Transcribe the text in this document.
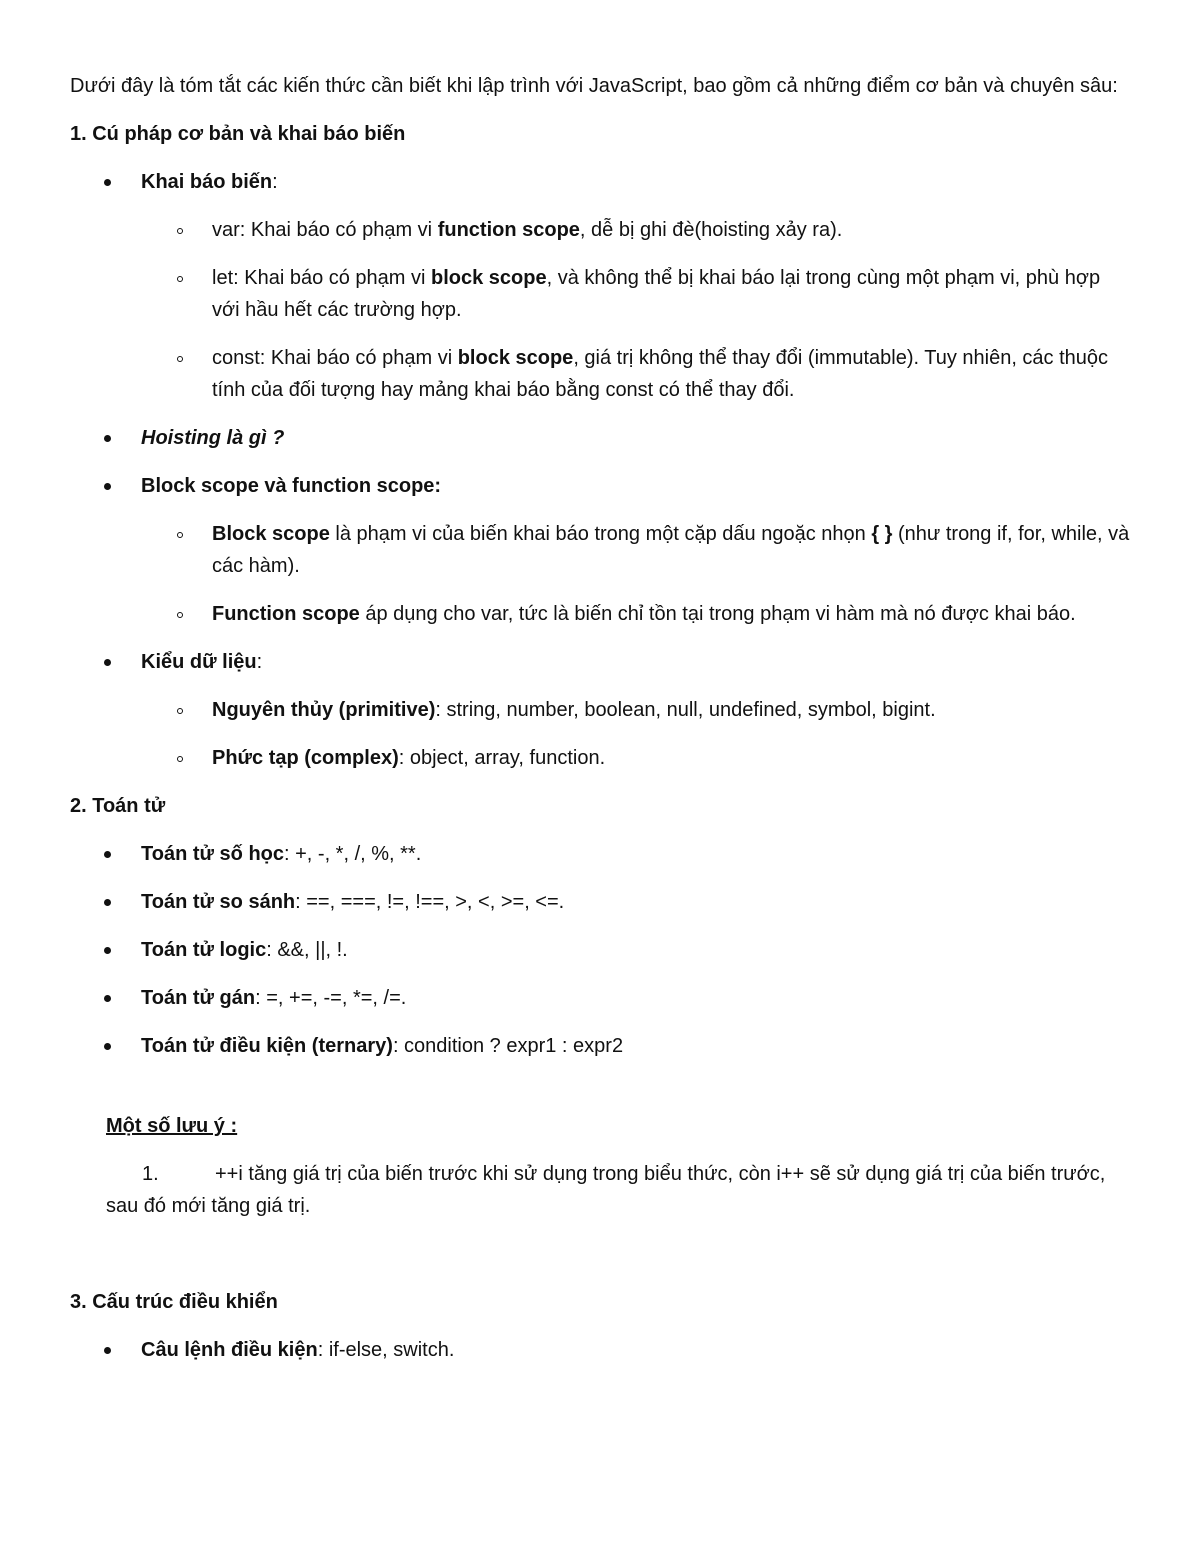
Dưới đây là tóm tắt các kiến thức cần biết khi lập trình với JavaScript, bao gồm cả những điểm cơ bản và chuyên sâu:

1. Cú pháp cơ bản và khai báo biến

Khai báo biến:
var: Khai báo có phạm vi function scope, dễ bị ghi đè(hoisting xảy ra).
let: Khai báo có phạm vi block scope, và không thể bị khai báo lại trong cùng một phạm vi, phù hợp với hầu hết các trường hợp.
const: Khai báo có phạm vi block scope, giá trị không thể thay đổi (immutable). Tuy nhiên, các thuộc tính của đối tượng hay mảng khai báo bằng const có thể thay đổi.
Hoisting là gì ?
Block scope và function scope:
Block scope là phạm vi của biến khai báo trong một cặp dấu ngoặc nhọn { } (như trong if, for, while, và các hàm).
Function scope áp dụng cho var, tức là biến chỉ tồn tại trong phạm vi hàm mà nó được khai báo.
Kiểu dữ liệu:
Nguyên thủy (primitive): string, number, boolean, null, undefined, symbol, bigint.
Phức tạp (complex): object, array, function.

2. Toán tử

Toán tử số học: +, -, *, /, %, **.
Toán tử so sánh: ==, ===, !=, !==, >, <, >=, <=.
Toán tử logic: &&, ||, !.
Toán tử gán: =, +=, -=, *=, /=.
Toán tử điều kiện (ternary): condition ? expr1 : expr2

Một số lưu ý :

1.	++i tăng giá trị của biến trước khi sử dụng trong biểu thức, còn i++ sẽ sử dụng giá trị của biến trước, sau đó mới tăng giá trị.

3. Cấu trúc điều khiển

Câu lệnh điều kiện: if-else, switch.
